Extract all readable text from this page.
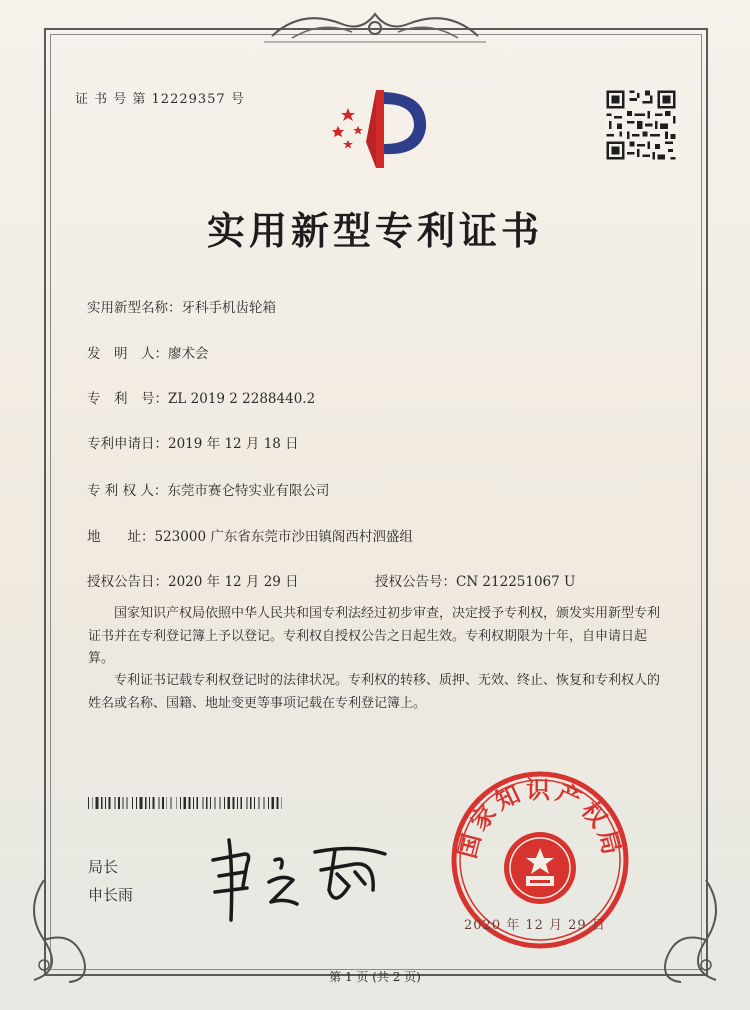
证 书 号 第 12229357 号
实用新型专利证书
实用新型名称：牙科手机齿轮箱
发　明　人：廖术会
专　利　号：ZL 2019 2 2288440.2
专利申请日：2019 年 12 月 18 日
专 利 权 人：东莞市赛仑特实业有限公司
地　　址：523000 广东省东莞市沙田镇阁西村泗盛组
授权公告日：2020 年 12 月 29 日	授权公告号：CN 212251067 U
国家知识产权局依照中华人民共和国专利法经过初步审查，决定授予专利权，颁发实用新型专利证书并在专利登记簿上予以登记。专利权自授权公告之日起生效。专利权期限为十年，自申请日起算。
专利证书记载专利权登记时的法律状况。专利权的转移、质押、无效、终止、恢复和专利权人的姓名或名称、国籍、地址变更等事项记载在专利登记簿上。
局长
申长雨
国家知识产权局
2020 年 12 月 29 日
第 1 页 (共 2 页)
